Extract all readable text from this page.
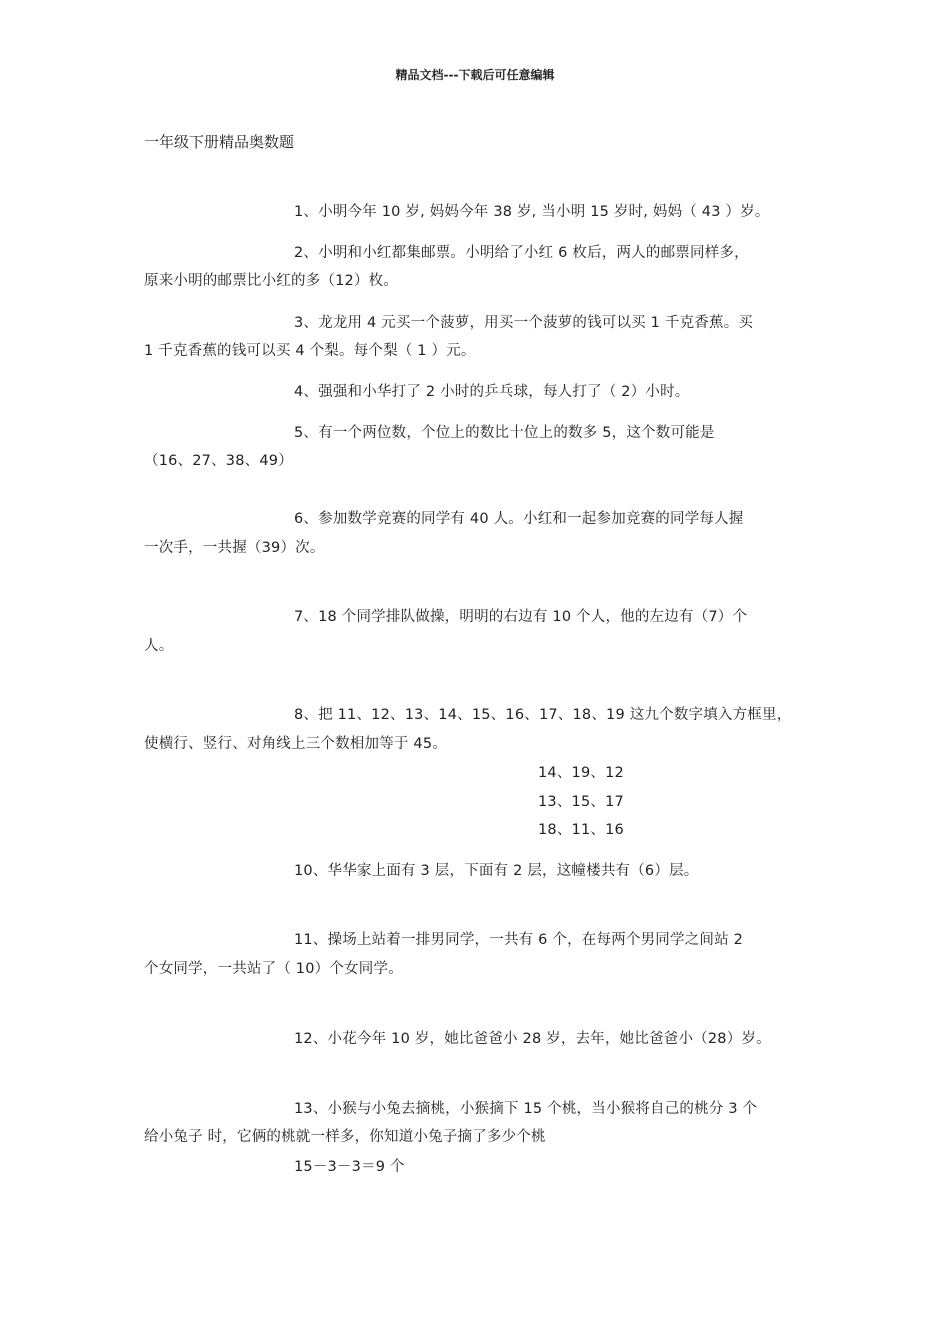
精品文档---下载后可任意编辑
一年级下册精品奥数题
1、小明今年 10 岁, 妈妈今年 38 岁, 当小明 15 岁时, 妈妈（ 43 ）岁。
2、小明和小红都集邮票。小明给了小红 6 枚后，两人的邮票同样多，
原来小明的邮票比小红的多（12）枚。
3、龙龙用 4 元买一个菠萝，用买一个菠萝的钱可以买 1 千克香蕉。买
1 千克香蕉的钱可以买 4 个梨。每个梨（ 1 ）元。
4、强强和小华打了 2 小时的乒乓球，每人打了（ 2）小时。
5、有一个两位数，个位上的数比十位上的数多 5，这个数可能是
（16、27、38、49）
6、参加数学竞赛的同学有 40 人。小红和一起参加竞赛的同学每人握
一次手，一共握（39）次。
7、18 个同学排队做操，明明的右边有 10 个人，他的左边有（7）个
人。
8、把 11、12、13、14、15、16、17、18、19 这九个数字填入方框里，
使横行、竖行、对角线上三个数相加等于 45。
14、19、12
13、15、17
18、11、16
10、华华家上面有 3 层，下面有 2 层，这幢楼共有（6）层。
11、操场上站着一排男同学，一共有 6 个，在每两个男同学之间站 2
个女同学，一共站了（ 10）个女同学。
12、小花今年 10 岁，她比爸爸小 28 岁，去年，她比爸爸小（28）岁。
13、小猴与小兔去摘桃，小猴摘下 15 个桃，当小猴将自己的桃分 3 个
给小兔子 时，它俩的桃就一样多，你知道小兔子摘了多少个桃
15－3－3＝9 个
